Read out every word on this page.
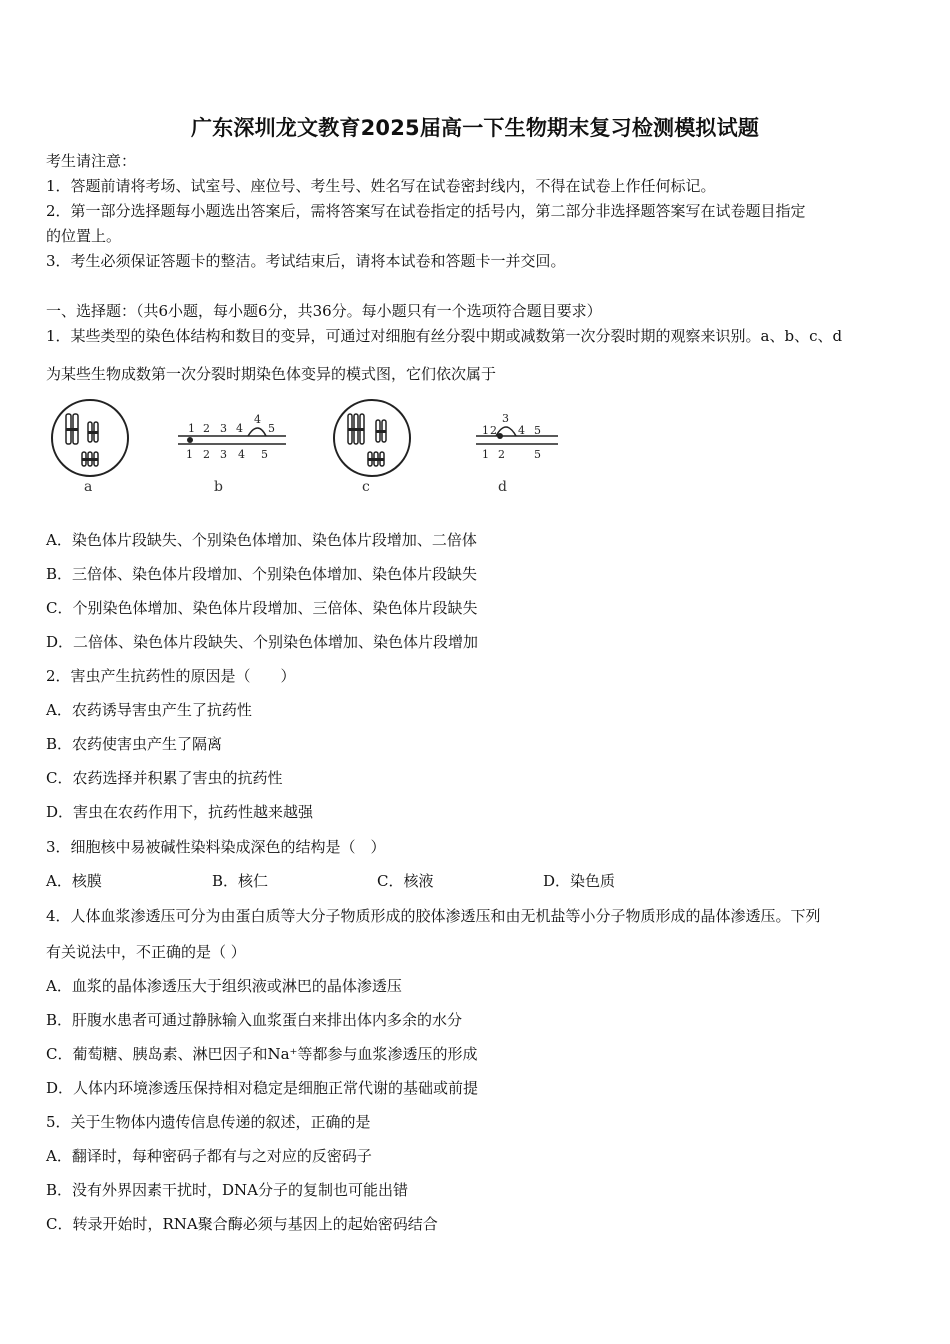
广东深圳龙文教育2025届高一下生物期末复习检测模拟试题
考生请注意：
1．答题前请将考场、试室号、座位号、考生号、姓名写在试卷密封线内，不得在试卷上作任何标记。
2．第一部分选择题每小题选出答案后，需将答案写在试卷指定的括号内，第二部分非选择题答案写在试卷题目指定
的位置上。
3．考生必须保证答题卡的整洁。考试结束后，请将本试卷和答题卡一并交回。
一、选择题：（共6小题，每小题6分，共36分。每小题只有一个选项符合题目要求）
1．某些类型的染色体结构和数目的变异，可通过对细胞有丝分裂中期或减数第一次分裂时期的观察来识别。a、b、c、d
为某些生物成数第一次分裂时期染色体变异的模式图，它们依次属于
a
1 2 3 4
4
5
1 2 3 4 5
b	c
1 2
3
4 5
1 2	5
d
A．染色体片段缺失、个别染色体增加、染色体片段增加、二倍体
B．三倍体、染色体片段增加、个别染色体增加、染色体片段缺失
C．个别染色体增加、染色体片段增加、三倍体、染色体片段缺失
D．二倍体、染色体片段缺失、个别染色体增加、染色体片段增加
2．害虫产生抗药性的原因是（　　）
A．农药诱导害虫产生了抗药性
B．农药使害虫产生了隔离
C．农药选择并积累了害虫的抗药性
D．害虫在农药作用下，抗药性越来越强
3．细胞核中易被碱性染料染成深色的结构是（　）
A．核膜	B．核仁	C．核液	D．染色质
4．人体血浆渗透压可分为由蛋白质等大分子物质形成的胶体渗透压和由无机盐等小分子物质形成的晶体渗透压。下列
有关说法中，不正确的是（ ）
A．血浆的晶体渗透压大于组织液或淋巴的晶体渗透压
B．肝腹水患者可通过静脉输入血浆蛋白来排出体内多余的水分
C．葡萄糖、胰岛素、淋巴因子和Na⁺等都参与血浆渗透压的形成
D．人体内环境渗透压保持相对稳定是细胞正常代谢的基础或前提
5．关于生物体内遗传信息传递的叙述，正确的是
A．翻译时，每种密码子都有与之对应的反密码子
B．没有外界因素干扰时，DNA分子的复制也可能出错
C．转录开始时，RNA聚合酶必须与基因上的起始密码结合
